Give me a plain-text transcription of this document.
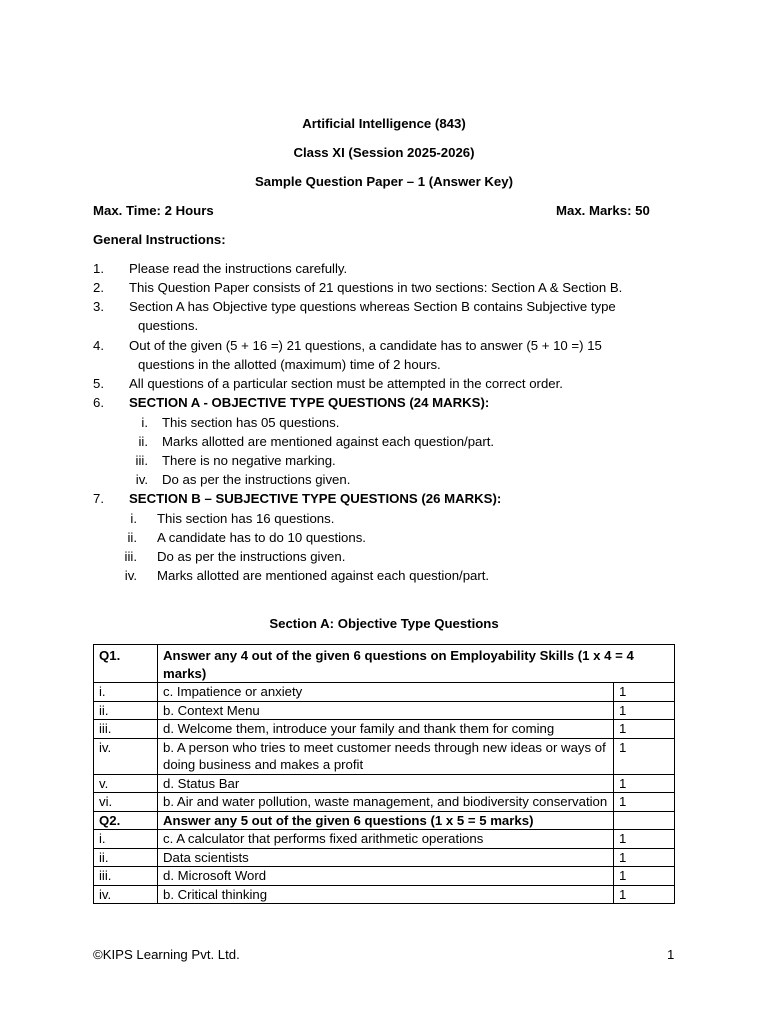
Artificial Intelligence (843)
Class XI (Session 2025-2026)
Sample Question Paper – 1 (Answer Key)
Max. Time: 2 Hours	Max. Marks: 50
General Instructions:
1. Please read the instructions carefully.
2. This Question Paper consists of 21 questions in two sections: Section A & Section B.
3. Section A has Objective type questions whereas Section B contains Subjective type
questions.
4. Out of the given (5 + 16 =) 21 questions, a candidate has to answer (5 + 10 =) 15
questions in the allotted (maximum) time of 2 hours.
5. All questions of a particular section must be attempted in the correct order.
6. SECTION A - OBJECTIVE TYPE QUESTIONS (24 MARKS):
i. This section has 05 questions.
ii. Marks allotted are mentioned against each question/part.
iii. There is no negative marking.
iv. Do as per the instructions given.
7. SECTION B – SUBJECTIVE TYPE QUESTIONS (26 MARKS):
i. This section has 16 questions.
ii. A candidate has to do 10 questions.
iii. Do as per the instructions given.
iv. Marks allotted are mentioned against each question/part.
Section A: Objective Type Questions
Q1.	Answer any 4 out of the given 6 questions on Employability Skills (1 x 4 = 4 marks)	
i.	c. Impatience or anxiety	1
ii.	b. Context Menu	1
iii.	d. Welcome them, introduce your family and thank them for coming	1
iv.	b. A person who tries to meet customer needs through new ideas or ways of doing business and makes a profit	1
v.	d. Status Bar	1
vi.	b. Air and water pollution, waste management, and biodiversity conservation	1
Q2.	Answer any 5 out of the given 6 questions (1 x 5 = 5 marks)	
i.	c. A calculator that performs fixed arithmetic operations	1
ii.	Data scientists	1
iii.	d. Microsoft Word	1
iv.	b. Critical thinking	1
©KIPS Learning Pvt. Ltd.	1
